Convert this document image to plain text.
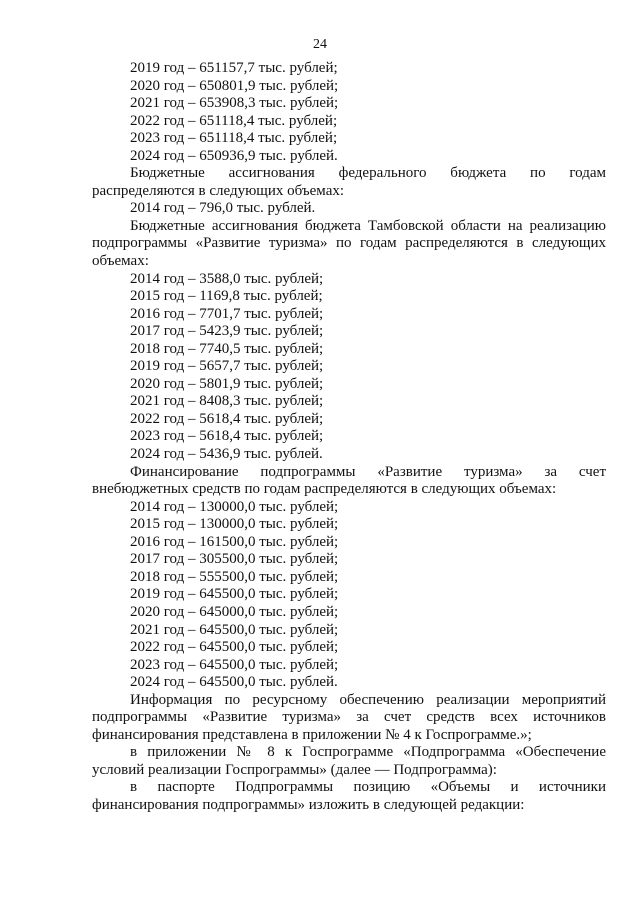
24
2019 год – 651157,7 тыс. рублей;
2020 год – 650801,9 тыс. рублей;
2021 год – 653908,3 тыс. рублей;
2022 год – 651118,4 тыс. рублей;
2023 год – 651118,4 тыс. рублей;
2024 год – 650936,9 тыс. рублей.
Бюджетные ассигнования федерального бюджета по годам
распределяются в следующих объемах:
2014 год – 796,0 тыс. рублей.
Бюджетные ассигнования бюджета Тамбовской области на реализацию
подпрограммы «Развитие туризма» по годам распределяются в следующих
объемах:
2014 год – 3588,0 тыс. рублей;
2015 год – 1169,8 тыс. рублей;
2016 год – 7701,7 тыс. рублей;
2017 год – 5423,9 тыс. рублей;
2018 год – 7740,5 тыс. рублей;
2019 год – 5657,7 тыс. рублей;
2020 год – 5801,9 тыс. рублей;
2021 год – 8408,3 тыс. рублей;
2022 год – 5618,4 тыс. рублей;
2023 год – 5618,4 тыс. рублей;
2024 год – 5436,9 тыс. рублей.
Финансирование подпрограммы «Развитие туризма» за счет
внебюджетных средств по годам распределяются в следующих объемах:
2014 год – 130000,0 тыс. рублей;
2015 год – 130000,0 тыс. рублей;
2016 год – 161500,0 тыс. рублей;
2017 год – 305500,0 тыс. рублей;
2018 год – 555500,0 тыс. рублей;
2019 год – 645500,0 тыс. рублей;
2020 год – 645000,0 тыс. рублей;
2021 год – 645500,0 тыс. рублей;
2022 год – 645500,0 тыс. рублей;
2023 год – 645500,0 тыс. рублей;
2024 год – 645500,0 тыс. рублей.
Информация по ресурсному обеспечению реализации мероприятий
подпрограммы «Развитие туризма» за счет средств всех источников
финансирования представлена в приложении № 4 к Госпрограмме.»;
в приложении № 8 к Госпрограмме «Подпрограмма «Обеспечение
условий реализации Госпрограммы» (далее — Подпрограмма):
в паспорте Подпрограммы позицию «Объемы и источники
финансирования подпрограммы» изложить в следующей редакции:
